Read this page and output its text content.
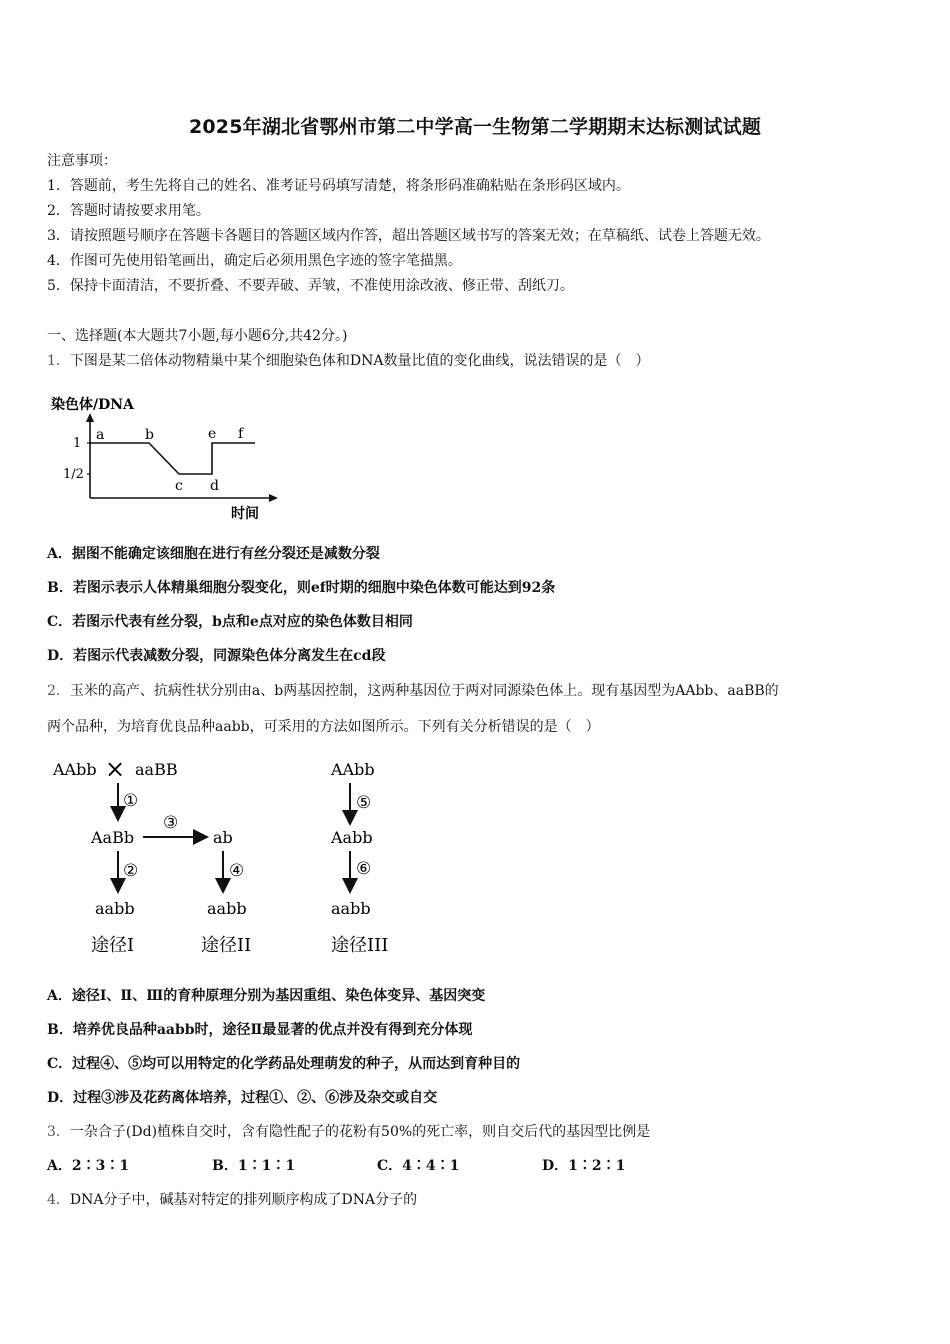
2025年湖北省鄂州市第二中学高一生物第二学期期末达标测试试题
注意事项：
1．答题前，考生先将自己的姓名、准考证号码填写清楚，将条形码准确粘贴在条形码区域内。
2．答题时请按要求用笔。
3．请按照题号顺序在答题卡各题目的答题区域内作答，超出答题区域书写的答案无效；在草稿纸、试卷上答题无效。
4．作图可先使用铅笔画出，确定后必须用黑色字迹的签字笔描黑。
5．保持卡面清洁，不要折叠、不要弄破、弄皱，不准使用涂改液、修正带、刮纸刀。
一、选择题(本大题共7小题,每小题6分,共42分。)
1．下图是某二倍体动物精巢中某个细胞染色体和DNA数量比值的变化曲线，说法错误的是（　）
染色体/DNA
1
1/2
a	b
c d
e f
时间
A．据图不能确定该细胞在进行有丝分裂还是减数分裂
B．若图示表示人体精巢细胞分裂变化，则ef时期的细胞中染色体数可能达到92条
C．若图示代表有丝分裂，b点和e点对应的染色体数目相同
D．若图示代表减数分裂，同源染色体分离发生在cd段
2．玉米的高产、抗病性状分别由a、b两基因控制，这两种基因位于两对同源染色体上。现有基因型为AAbb、aaBB的
两个品种，为培育优良品种aabb，可采用的方法如图所示。下列有关分析错误的是（　）
AAbb × aaBB
①
AaBb
③
ab
②
aabb
④
aabb
AAbb
⑤
Aabb
⑥
aabb
途径I	途径II	途径III
A．途径Ⅰ、Ⅱ、Ⅲ的育种原理分别为基因重组、染色体变异、基因突变
B．培养优良品种aabb时，途径Ⅱ最显著的优点并没有得到充分体现
C．过程④、⑤均可以用特定的化学药品处理萌发的种子，从而达到育种目的
D．过程③涉及花药离体培养，过程①、②、⑥涉及杂交或自交
3．一杂合子(Dd)植株自交时，含有隐性配子的花粉有50%的死亡率，则自交后代的基因型比例是
A．2∶3∶1	B．1∶1∶1	C．4∶4∶1	D．1∶2∶1
4．DNA分子中，碱基对特定的排列顺序构成了DNA分子的
